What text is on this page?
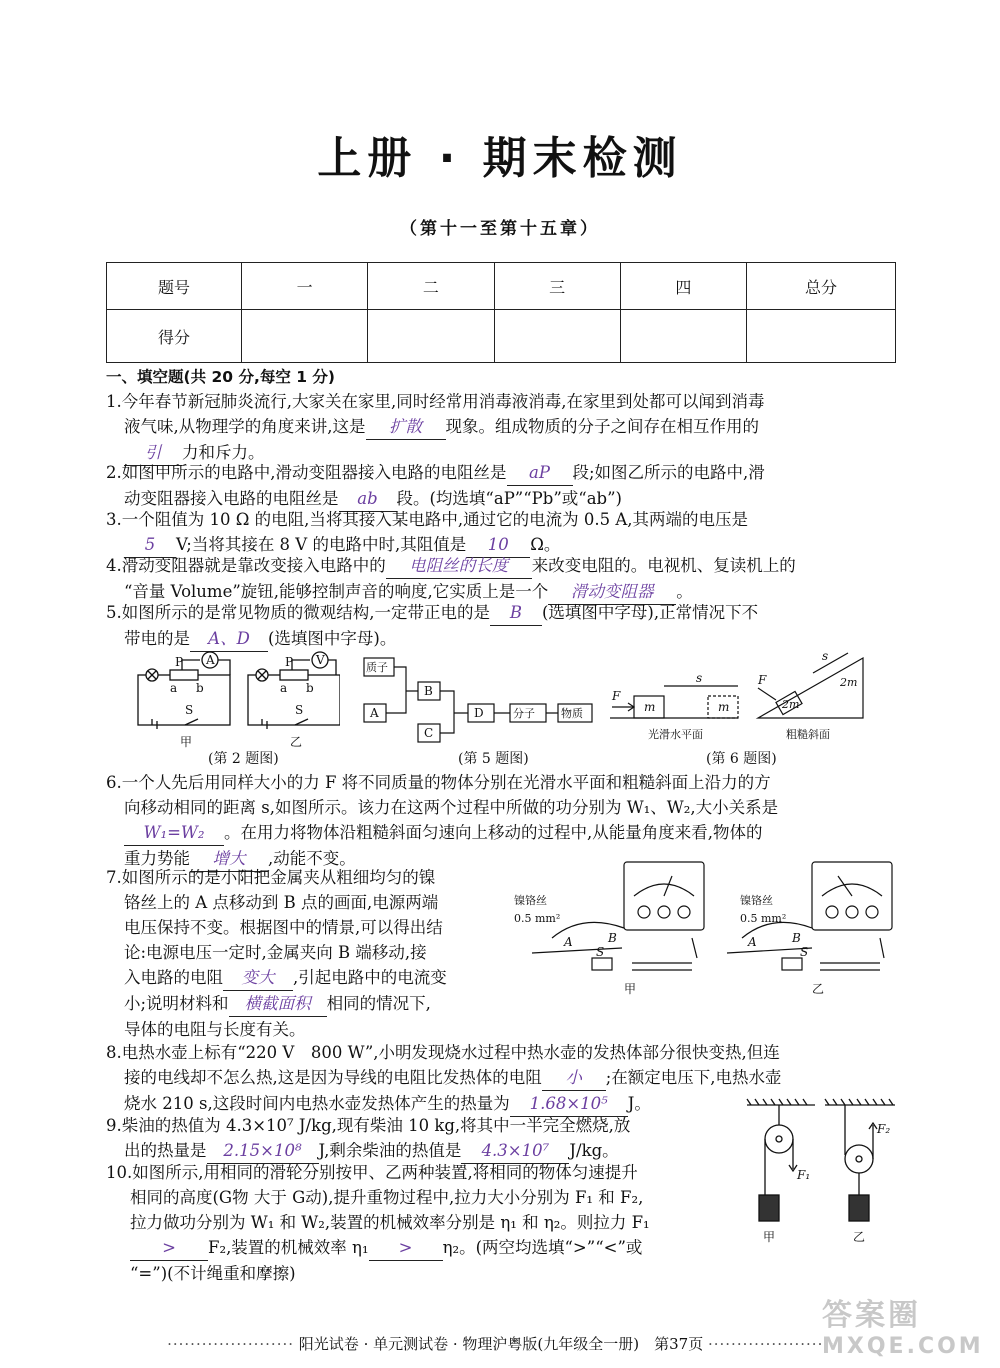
上册 · 期末检测
（第十一至第十五章）
题号	一	二	三	四	总分
得分					
一、填空题(共 20 分,每空 1 分)
1.今年春节新冠肺炎流行,大家关在家里,同时经常用消毒液消毒,在家里到处都可以闻到消毒
液气味,从物理学的角度来讲,这是 扩散 现象。组成物质的分子之间存在相互作用的
引 力和斥力。
2.如图甲所示的电路中,滑动变阻器接入电路的电阻丝是 aP 段;如图乙所示的电路中,滑
动变阻器接入电路的电阻丝是 ab 段。(均选填“aP”“Pb”或“ab”)
3.一个阻值为 10 Ω 的电阻,当将其接入某电路中,通过它的电流为 0.5 A,其两端的电压是
5 V;当将其接在 8 V 的电路中时,其阻值是 10 Ω。
4.滑动变阻器就是靠改变接入电路中的 电阻丝的长度 来改变电阻的。电视机、复读机上的
“音量 Volume”旋钮,能够控制声音的响度,它实质上是一个 滑动变阻器 。
5.如图所示的是常见物质的微观结构,一定带正电的是 B (选填图中字母),正常情况下不
带电的是 A、D (选填图中字母)。
P A
a b
S
甲
P V
a b
S
乙
(第 2 题图)
质子
A
B
C
D	分子 物质
(第 5 题图)
F
m	m
s	F
2m
s
2m
光滑水平面	粗糙斜面
(第 6 题图)
6.一个人先后用同样大小的力 F 将不同质量的物体分别在光滑水平面和粗糙斜面上沿力的方
向移动相同的距离 s,如图所示。该力在这两个过程中所做的功分别为 W₁、W₂,大小关系是
W₁=W₂ 。在用力将物体沿粗糙斜面匀速向上移动的过程中,从能量角度来看,物体的
重力势能 增大 ,动能不变。
7.如图所示的是小阳把金属夹从粗细均匀的镍
铬丝上的 A 点移动到 B 点的画面,电源两端
电压保持不变。根据图中的情景,可以得出结
论:电源电压一定时,金属夹向 B 端移动,接
入电路的电阻 变大 ,引起电路中的电流变
小;说明材料和 横截面积 相同的情况下,
导体的电阻与长度有关。
镍铬丝
0.5 mm²
A	B
S
甲
镍铬丝
0.5 mm²
A	B
S
乙
8.电热水壶上标有“220 V　800 W”,小明发现烧水过程中热水壶的发热体部分很快变热,但连
接的电线却不怎么热,这是因为导线的电阻比发热体的电阻 小 ;在额定电压下,电热水壶
烧水 210 s,这段时间内电热水壶发热体产生的热量为 1.68×10⁵ J。
9.柴油的热值为 4.3×10⁷ J/kg,现有柴油 10 kg,将其中一半完全燃烧,放
出的热量是 2.15×10⁸ J,剩余柴油的热值是 4.3×10⁷ J/kg。
10.如图所示,用相同的滑轮分别按甲、乙两种装置,将相同的物体匀速提升
相同的高度(G物 大于 G动),提升重物过程中,拉力大小分别为 F₁ 和 F₂,
拉力做功分别为 W₁ 和 W₂,装置的机械效率分别是 η₁ 和 η₂。则拉力 F₁
> F₂,装置的机械效率 η₁ > η₂。(两空均选填“>”“<”或
“=”)(不计绳重和摩擦)
F₁
F₂
甲	乙
······················ 阳光试卷 · 单元测试卷 · 物理沪粤版(九年级全一册)　第37页 ······················
答案圈
MXQE.COM
